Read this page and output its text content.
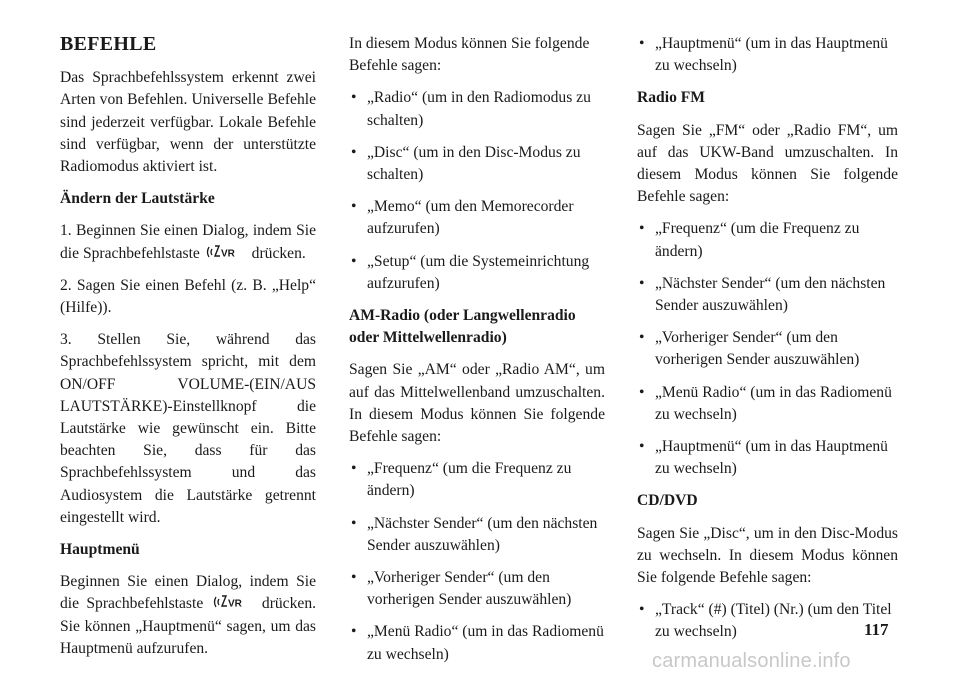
BEFEHLE

Das Sprachbefehlssystem erkennt zwei Arten von Befehlen. Universelle Befehle sind jederzeit verfügbar. Lokale Befehle sind verfügbar, wenn der unterstützte Radiomodus aktiviert ist.

Ändern der Lautstärke

1. Beginnen Sie einen Dialog, indem Sie die Sprachbefehlstaste VR drücken.

2. Sagen Sie einen Befehl (z. B. „Help“ (Hilfe)).

3. Stellen Sie, während das Sprachbefehlssystem spricht, mit dem ON/OFF VOLUME-(EIN/AUS LAUTSTÄRKE)-Einstellknopf die Lautstärke wie gewünscht ein. Bitte beachten Sie, dass für das Sprachbefehlssystem und das Audiosystem die Lautstärke getrennt eingestellt wird.

Hauptmenü

Beginnen Sie einen Dialog, indem Sie die Sprachbefehlstaste VR drücken. Sie können „Hauptmenü“ sagen, um das Hauptmenü aufzurufen.

In diesem Modus können Sie folgende Befehle sagen:

• „Radio“ (um in den Radiomodus zu schalten)
• „Disc“ (um in den Disc-Modus zu schalten)
• „Memo“ (um den Memorecorder aufzurufen)
• „Setup“ (um die Systemeinrichtung aufzurufen)

AM-Radio (oder Langwellenradio oder Mittelwellenradio)

Sagen Sie „AM“ oder „Radio AM“, um auf das Mittelwellenband umzuschalten. In diesem Modus können Sie folgende Befehle sagen:

• „Frequenz“ (um die Frequenz zu ändern)
• „Nächster Sender“ (um den nächsten Sender auszuwählen)
• „Vorheriger Sender“ (um den vorherigen Sender auszuwählen)
• „Menü Radio“ (um in das Radiomenü zu wechseln)
• „Hauptmenü“ (um in das Hauptmenü zu wechseln)

Radio FM

Sagen Sie „FM“ oder „Radio FM“, um auf das UKW-Band umzuschalten. In diesem Modus können Sie folgende Befehle sagen:

• „Frequenz“ (um die Frequenz zu ändern)
• „Nächster Sender“ (um den nächsten Sender auszuwählen)
• „Vorheriger Sender“ (um den vorherigen Sender auszuwählen)
• „Menü Radio“ (um in das Radiomenü zu wechseln)
• „Hauptmenü“ (um in das Hauptmenü zu wechseln)

CD/DVD

Sagen Sie „Disc“, um in den Disc-Modus zu wechseln. In diesem Modus können Sie folgende Befehle sagen:

• „Track“ (#) (Titel) (Nr.) (um den Titel zu wechseln)	117
carmanualsonline.info
